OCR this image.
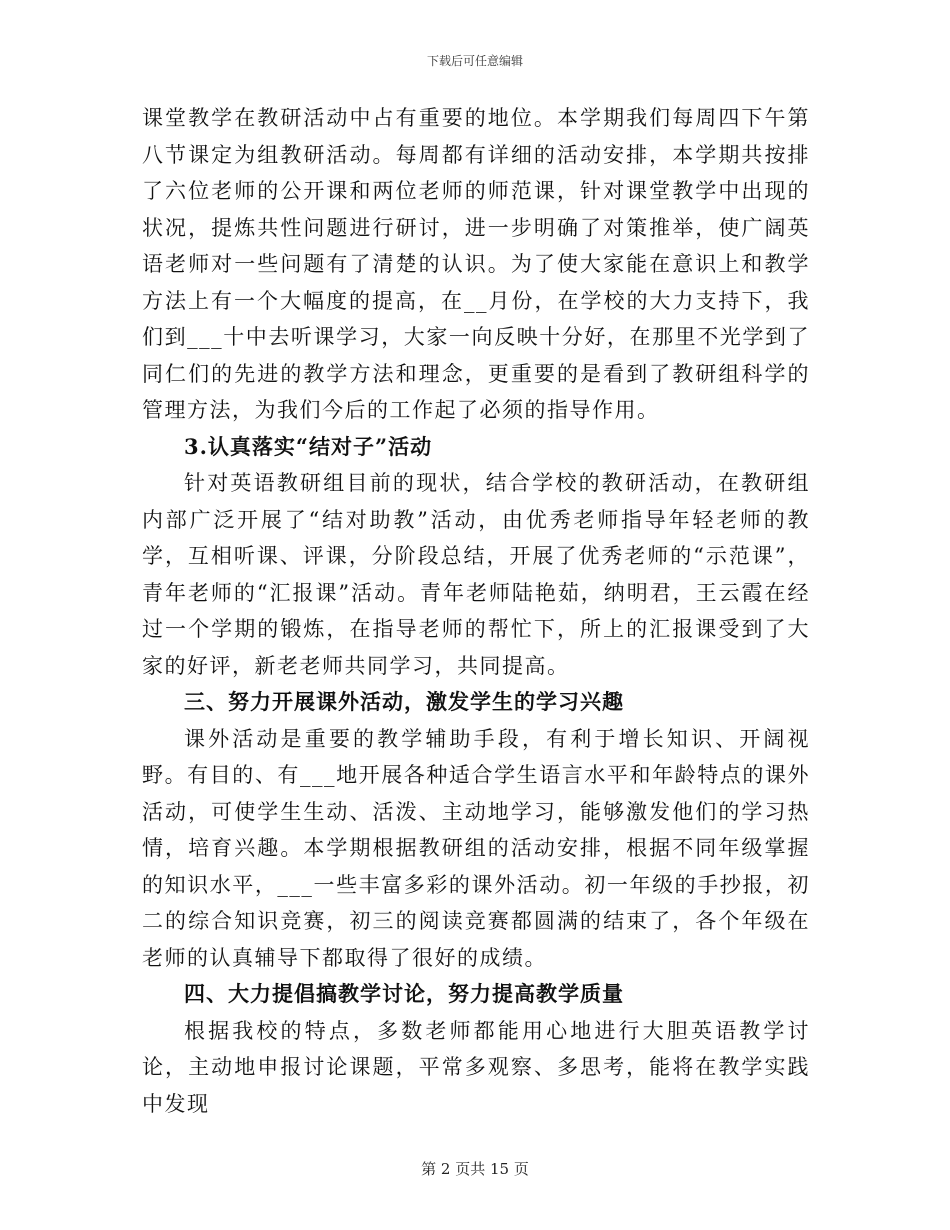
下载后可任意编辑

课堂教学在教研活动中占有重要的地位。本学期我们每周四下午第八节课定为组教研活动。每周都有详细的活动安排，本学期共按排了六位老师的公开课和两位老师的师范课，针对课堂教学中出现的状况，提炼共性问题进行研讨，进一步明确了对策推举，使广阔英语老师对一些问题有了清楚的认识。为了使大家能在意识上和教学方法上有一个大幅度的提高，在__月份，在学校的大力支持下，我们到___十中去听课学习，大家一向反映十分好，在那里不光学到了同仁们的先进的教学方法和理念，更重要的是看到了教研组科学的管理方法，为我们今后的工作起了必须的指导作用。

3.认真落实“结对子”活动

针对英语教研组目前的现状，结合学校的教研活动，在教研组内部广泛开展了“结对助教”活动，由优秀老师指导年轻老师的教学，互相听课、评课，分阶段总结，开展了优秀老师的“示范课”，青年老师的“汇报课”活动。青年老师陆艳茹，纳明君，王云霞在经过一个学期的锻炼，在指导老师的帮忙下，所上的汇报课受到了大家的好评，新老老师共同学习，共同提高。

三、努力开展课外活动，激发学生的学习兴趣

课外活动是重要的教学辅助手段，有利于增长知识、开阔视野。有目的、有___地开展各种适合学生语言水平和年龄特点的课外活动，可使学生生动、活泼、主动地学习，能够激发他们的学习热情，培育兴趣。本学期根据教研组的活动安排，根据不同年级掌握的知识水平，___一些丰富多彩的课外活动。初一年级的手抄报，初二的综合知识竞赛，初三的阅读竞赛都圆满的结束了，各个年级在老师的认真辅导下都取得了很好的成绩。

四、大力提倡搞教学讨论，努力提高教学质量

根据我校的特点，多数老师都能用心地进行大胆英语教学讨论，主动地申报讨论课题，平常多观察、多思考，能将在教学实践中发现

第 2 页共 15 页
